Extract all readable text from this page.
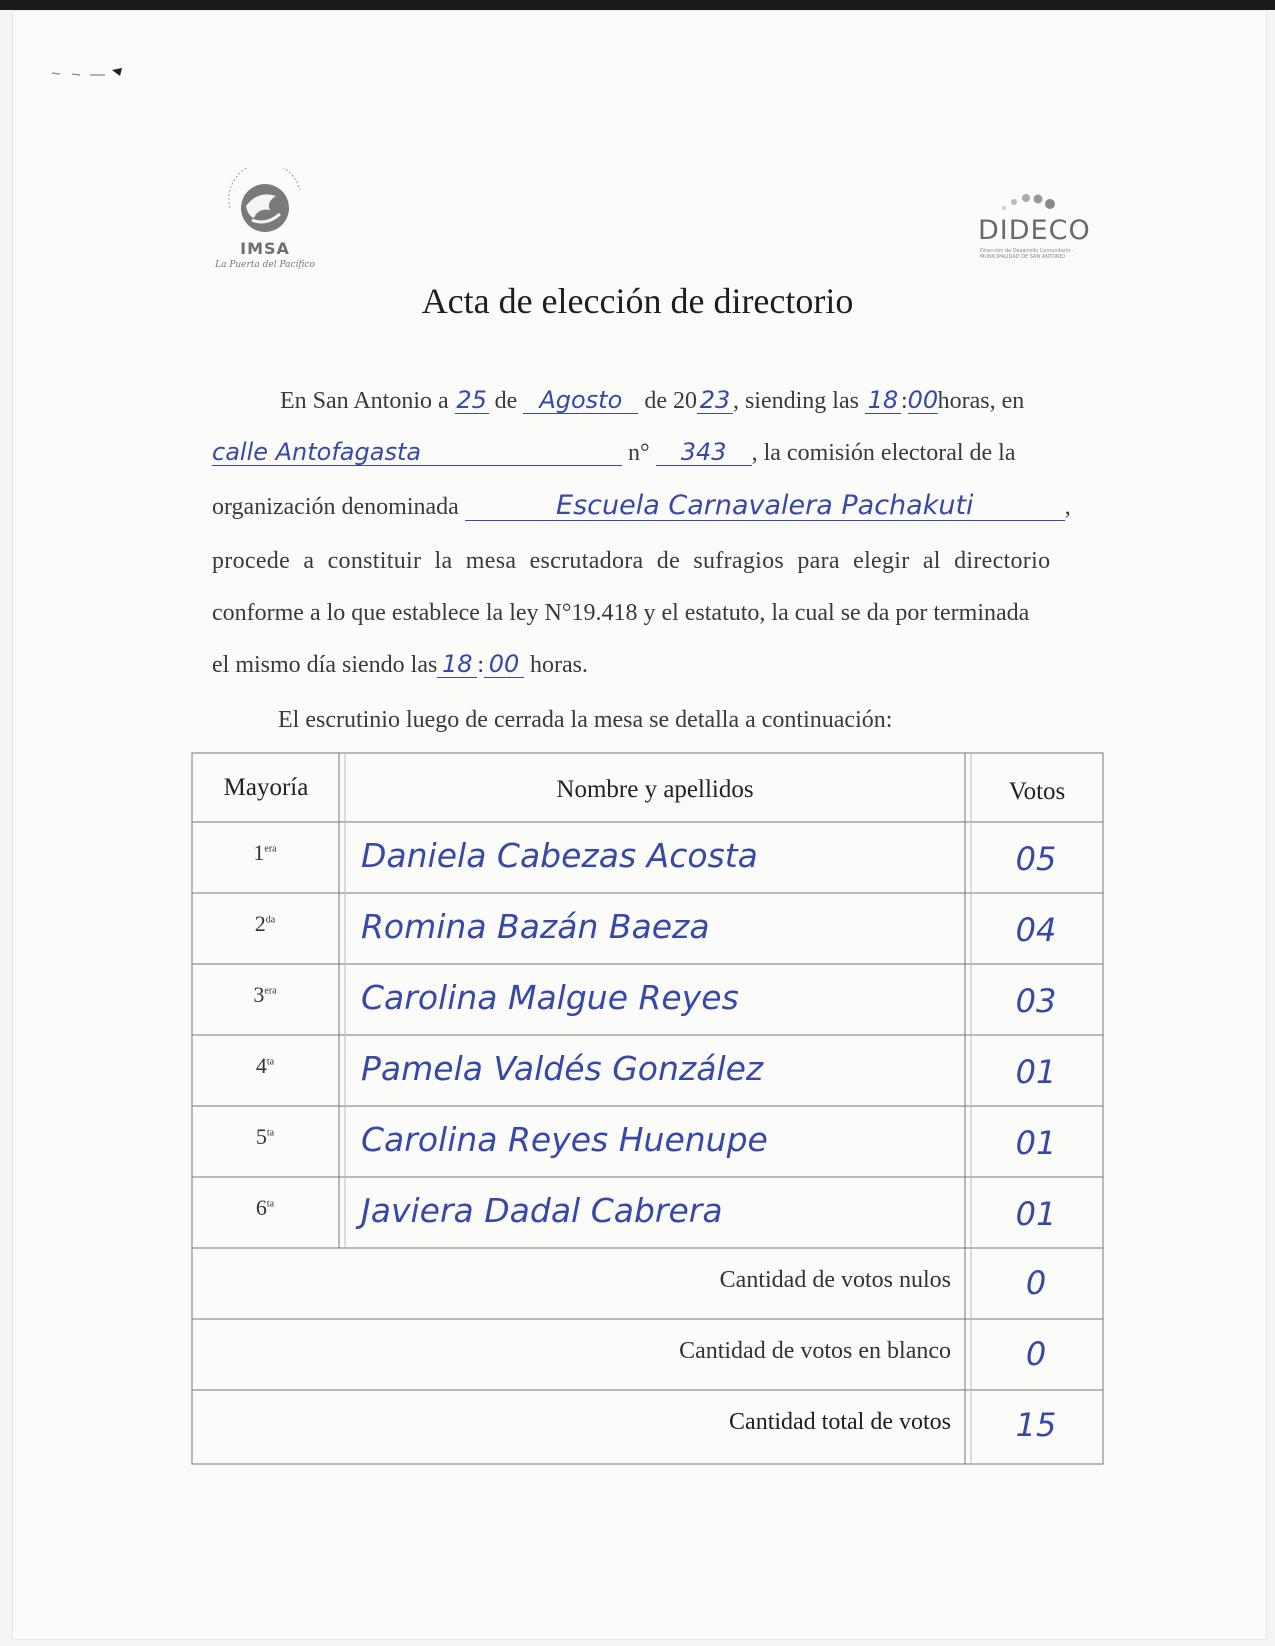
IMSA
La Puerta del Pacífico
DIDECO
Dirección de Desarrollo Comunitario · MUNICIPALIDAD DE SAN ANTONIO
Acta de elección de directorio
En San Antonio a 25 de Agosto de 20 23 , siending las 18 :00horas, en
calle Antofagasta	n° 343 , la comisión electoral de la
organización denominada	Escuela Carnavalera Pachakuti	,
procede a constituir la mesa escrutadora de sufragios para elegir al directorio
conforme a lo que establece la ley N°19.418 y el estatuto, la cual se da por terminada
el mismo día siendo las 18 : 00 horas.
El escrutinio luego de cerrada la mesa se detalla a continuación:
Mayoría	Nombre y apellidos	Votos
$1^{era}$	Daniela Cabezas Acosta	05
$2^{da}$	Romina Bazán Baeza	04
$3^{era}$	Carolina Malgue Reyes	03
$4^{ta}$	Pamela Valdés González	01
$5^{ta}$	Carolina Reyes Huenupe	01
$6^{ta}$	Javiera Dadal Cabrera	01
Cantidad de votos nulos	0
Cantidad de votos en blanco	0
Cantidad total de votos	15
